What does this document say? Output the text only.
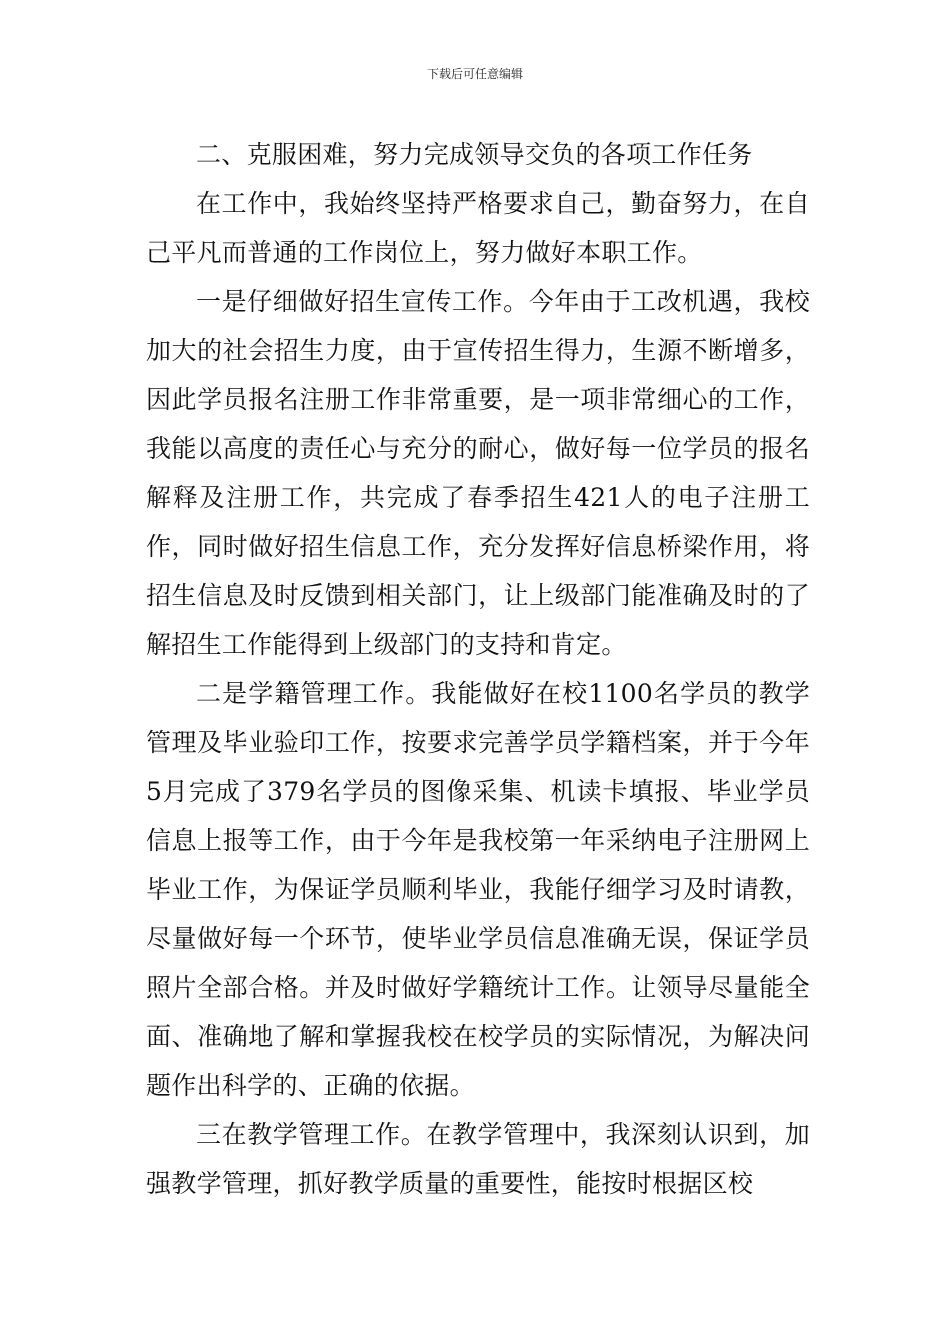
下载后可任意编辑

二、克服困难，努力完成领导交负的各项工作任务

在工作中，我始终坚持严格要求自己，勤奋努力，在自己平凡而普通的工作岗位上，努力做好本职工作。

一是仔细做好招生宣传工作。今年由于工改机遇，我校加大的社会招生力度，由于宣传招生得力，生源不断增多，因此学员报名注册工作非常重要，是一项非常细心的工作，我能以高度的责任心与充分的耐心，做好每一位学员的报名解释及注册工作，共完成了春季招生421人的电子注册工作，同时做好招生信息工作，充分发挥好信息桥梁作用，将招生信息及时反馈到相关部门，让上级部门能准确及时的了解招生工作能得到上级部门的支持和肯定。

二是学籍管理工作。我能做好在校1100名学员的教学管理及毕业验印工作，按要求完善学员学籍档案，并于今年5月完成了379名学员的图像采集、机读卡填报、毕业学员信息上报等工作，由于今年是我校第一年采纳电子注册网上毕业工作，为保证学员顺利毕业，我能仔细学习及时请教，尽量做好每一个环节，使毕业学员信息准确无误，保证学员照片全部合格。并及时做好学籍统计工作。让领导尽量能全面、准确地了解和掌握我校在校学员的实际情况，为解决问题作出科学的、正确的依据。

三在教学管理工作。在教学管理中，我深刻认识到，加强教学管理，抓好教学质量的重要性，能按时根据区校
